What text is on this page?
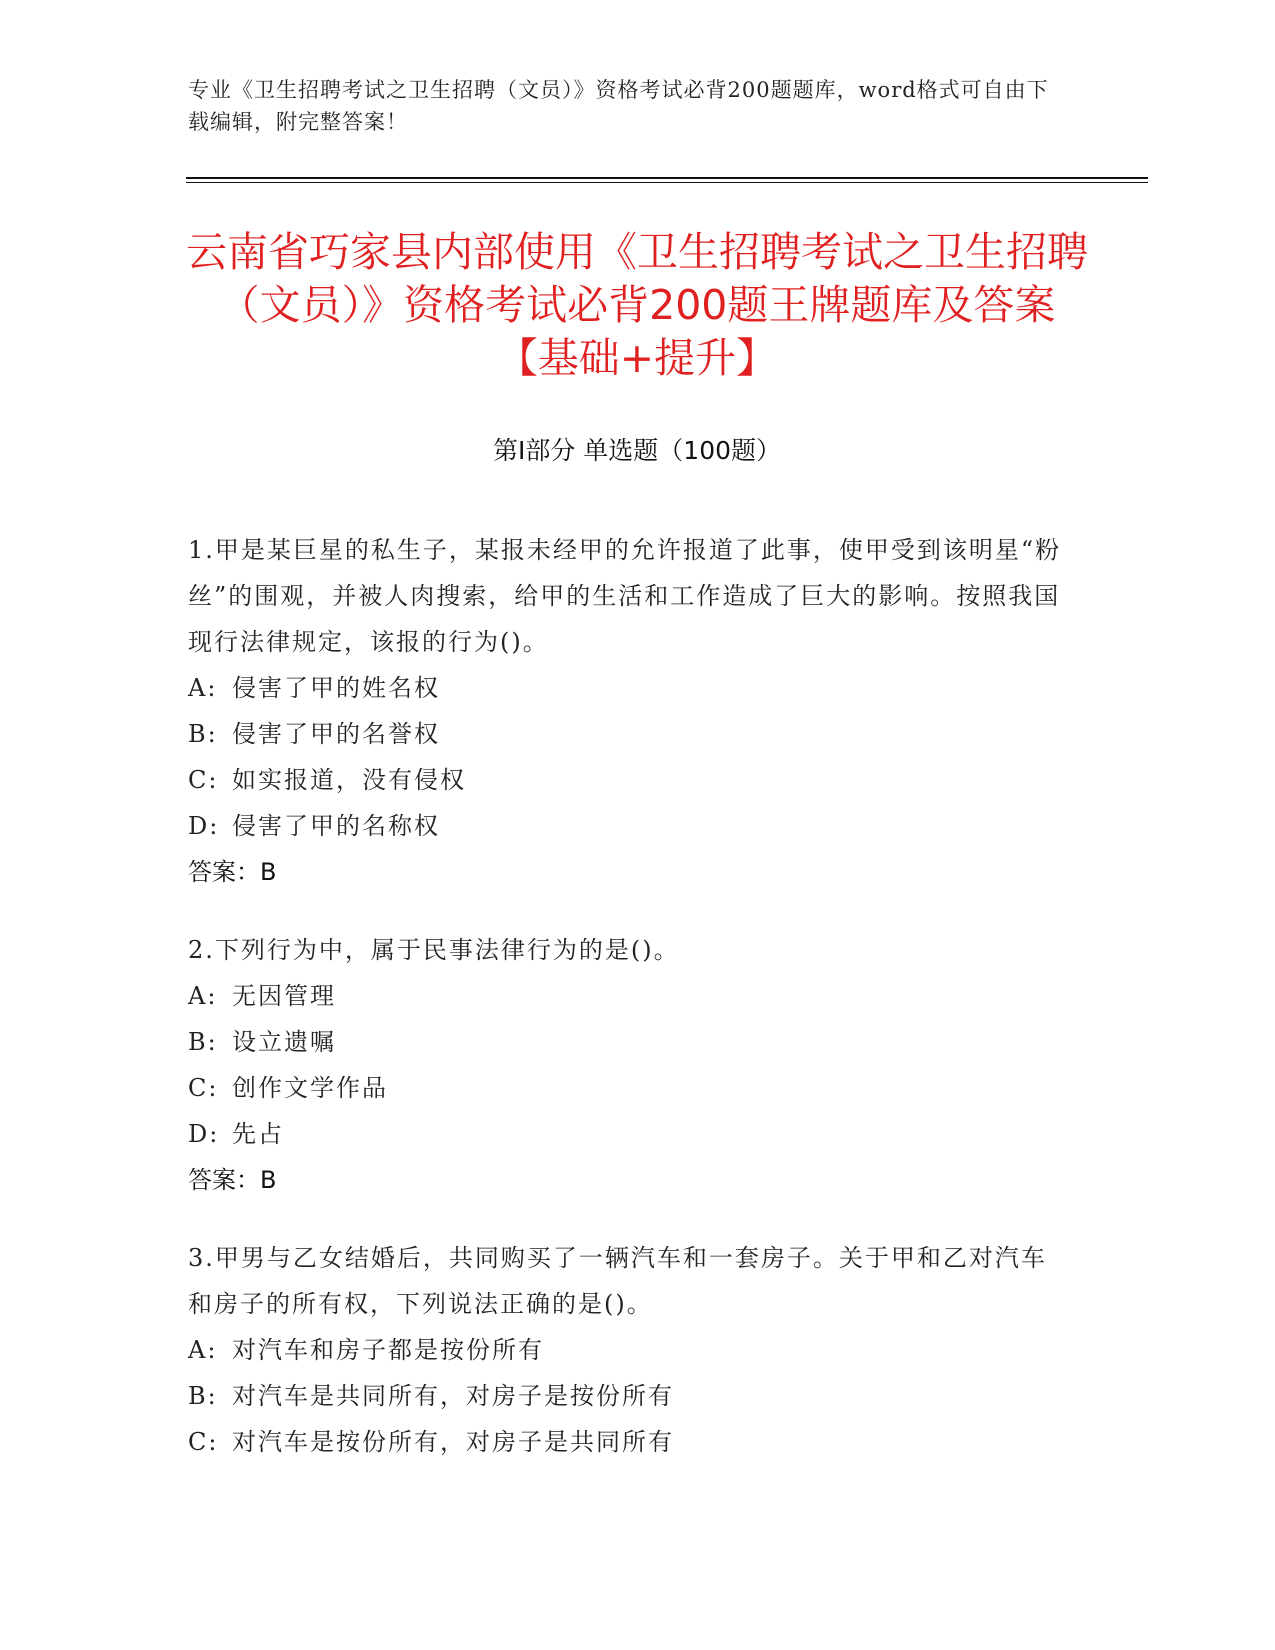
专业《卫生招聘考试之卫生招聘（文员）》资格考试必背200题题库，word格式可自由下载编辑，附完整答案！
云南省巧家县内部使用《卫生招聘考试之卫生招聘（文员）》资格考试必背200题王牌题库及答案【基础+提升】
第Ⅰ部分 单选题（100题）
1.甲是某巨星的私生子，某报未经甲的允许报道了此事，使甲受到该明星“粉丝”的围观，并被人肉搜索，给甲的生活和工作造成了巨大的影响。按照我国现行法律规定，该报的行为()。
A: 侵害了甲的姓名权
B: 侵害了甲的名誉权
C: 如实报道，没有侵权
D: 侵害了甲的名称权
答案：B
2.下列行为中，属于民事法律行为的是()。
A: 无因管理
B: 设立遗嘱
C: 创作文学作品
D: 先占
答案：B
3.甲男与乙女结婚后，共同购买了一辆汽车和一套房子。关于甲和乙对汽车和房子的所有权，下列说法正确的是()。
A: 对汽车和房子都是按份所有
B: 对汽车是共同所有，对房子是按份所有
C: 对汽车是按份所有，对房子是共同所有
